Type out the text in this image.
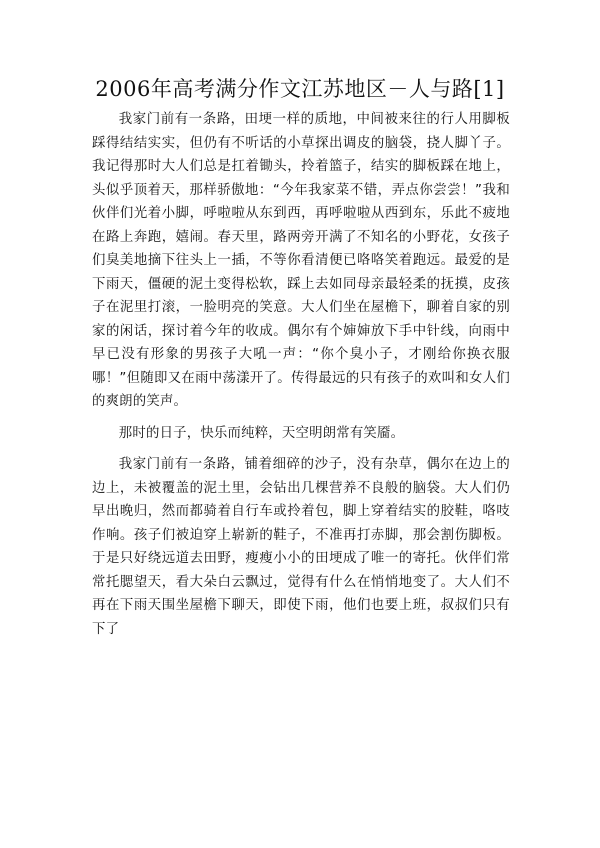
2006年高考满分作文江苏地区－人与路[1]

我家门前有一条路，田埂一样的质地，中间被来往的行人用脚板踩得结结实实，但仍有不听话的小草探出调皮的脑袋，挠人脚丫子。我记得那时大人们总是扛着锄头，拎着篮子，结实的脚板踩在地上，头似乎顶着天，那样骄傲地：“今年我家菜不错，弄点你尝尝！”我和伙伴们光着小脚，呼啦啦从东到西，再呼啦啦从西到东，乐此不疲地在路上奔跑，嬉闹。春天里，路两旁开满了不知名的小野花，女孩子们臭美地摘下往头上一插，不等你看清便已咯咯笑着跑远。最爱的是下雨天，僵硬的泥土变得松软，踩上去如同母亲最轻柔的抚摸，皮孩子在泥里打滚，一脸明亮的笑意。大人们坐在屋檐下，聊着自家的别家的闲话，探讨着今年的收成。偶尔有个婶婶放下手中针线，向雨中早已没有形象的男孩子大吼一声：“你个臭小子，才刚给你换衣服哪！”但随即又在雨中荡漾开了。传得最远的只有孩子的欢叫和女人们的爽朗的笑声。

那时的日子，快乐而纯粹，天空明朗常有笑靥。

我家门前有一条路，铺着细碎的沙子，没有杂草，偶尔在边上的边上，未被覆盖的泥土里，会钻出几棵营养不良般的脑袋。大人们仍早出晚归，然而都骑着自行车或拎着包，脚上穿着结实的胶鞋，咯吱作响。孩子们被迫穿上崭新的鞋子，不准再打赤脚，那会割伤脚板。于是只好绕远道去田野，瘦瘦小小的田埂成了唯一的寄托。伙伴们常常托腮望天，看大朵白云飘过，觉得有什么在悄悄地变了。大人们不再在下雨天围坐屋檐下聊天，即使下雨，他们也要上班，叔叔们只有下了
